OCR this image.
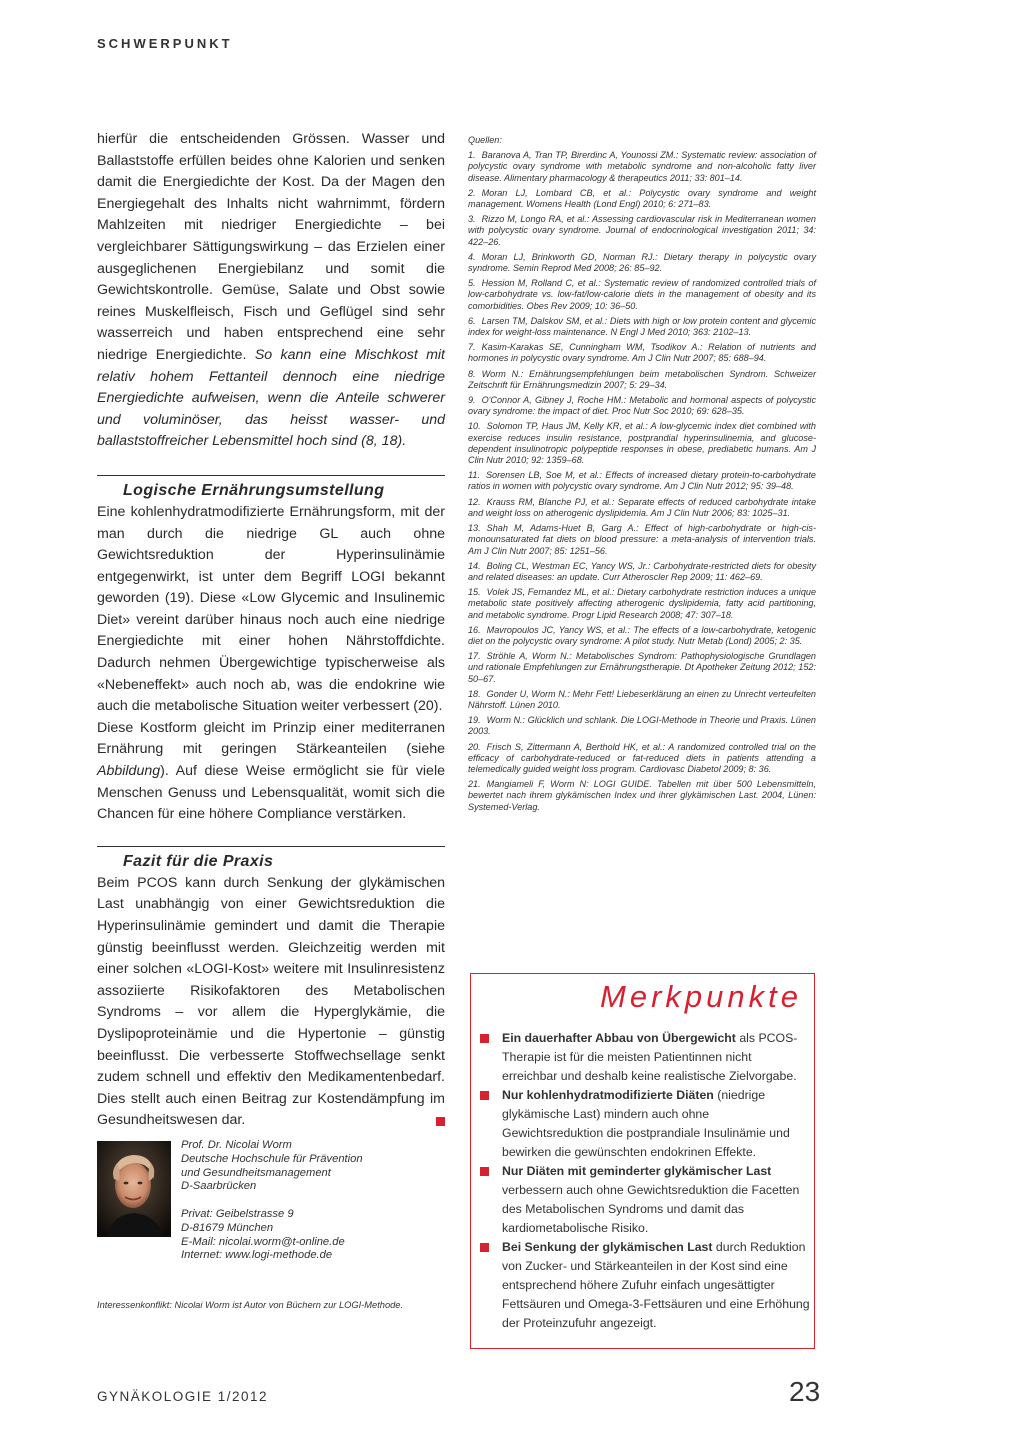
SCHWERPUNKT

hierfür die entscheidenden Grössen. Wasser und Ballaststoffe erfüllen beides ohne Kalorien und senken damit die Energiedichte der Kost. Da der Magen den Energiegehalt des Inhalts nicht wahrnimmt, fördern Mahlzeiten mit niedriger Energiedichte – bei vergleichbarer Sättigungswirkung – das Erzielen einer ausgeglichenen Energiebilanz und somit die Gewichtskontrolle. Gemüse, Salate und Obst sowie reines Muskelfleisch, Fisch und Geflügel sind sehr wasserreich und haben entsprechend eine sehr niedrige Energiedichte. So kann eine Mischkost mit relativ hohem Fettanteil dennoch eine niedrige Energiedichte aufweisen, wenn die Anteile schwerer und voluminöser, das heisst wasser- und ballaststoffreicher Lebensmittel hoch sind (8, 18).

Logische Ernährungsumstellung

Eine kohlenhydratmodifizierte Ernährungsform, mit der man durch die niedrige GL auch ohne Gewichtsreduktion der Hyperinsulinämie entgegenwirkt, ist unter dem Begriff LOGI bekannt geworden (19). Diese «Low Glycemic and Insulinemic Diet» vereint darüber hinaus noch auch eine niedrige Energiedichte mit einer hohen Nährstoffdichte. Dadurch nehmen Übergewichtige typischerweise als «Nebeneffekt» auch noch ab, was die endokrine wie auch die metabolische Situation weiter verbessert (20).

Diese Kostform gleicht im Prinzip einer mediterranen Ernährung mit geringen Stärkeanteilen (siehe Abbildung). Auf diese Weise ermöglicht sie für viele Menschen Genuss und Lebensqualität, womit sich die Chancen für eine höhere Compliance verstärken.

Fazit für die Praxis

Beim PCOS kann durch Senkung der glykämischen Last unabhängig von einer Gewichtsreduktion die Hyperinsulinämie gemindert und damit die Therapie günstig beeinflusst werden. Gleichzeitig werden mit einer solchen «LOGI-Kost» weitere mit Insulinresistenz assoziierte Risikofaktoren des Metabolischen Syndroms – vor allem die Hyperglykämie, die Dyslipoproteinämie und die Hypertonie – günstig beeinflusst. Die verbesserte Stoffwechsellage senkt zudem schnell und effektiv den Medikamentenbedarf. Dies stellt auch einen Beitrag zur Kostendämpfung im Gesundheitswesen dar.

Prof. Dr. Nicolai Worm
Deutsche Hochschule für Prävention
und Gesundheitsmanagement
D-Saarbrücken
Privat: Geibelstrasse 9
D-81679 München
E-Mail: nicolai.worm@t-online.de
Internet: www.logi-methode.de
Interessenkonflikt: Nicolai Worm ist Autor von Büchern zur LOGI-Methode.
Quellen:
1. Baranova A, Tran TP, Birerdinc A, Younossi ZM.: Systematic review: association of polycystic ovary syndrome with metabolic syndrome and non-alcoholic fatty liver disease. Alimentary pharmacology & therapeutics 2011; 33: 801–14.
2. Moran LJ, Lombard CB, et al.: Polycystic ovary syndrome and weight management. Womens Health (Lond Engl) 2010; 6: 271–83.
3. Rizzo M, Longo RA, et al.: Assessing cardiovascular risk in Mediterranean women with polycystic ovary syndrome. Journal of endocrinological investigation 2011; 34: 422–26.
4. Moran LJ, Brinkworth GD, Norman RJ.: Dietary therapy in polycystic ovary syndrome. Semin Reprod Med 2008; 26: 85–92.
5. Hession M, Rolland C, et al.: Systematic review of randomized controlled trials of low-carbohydrate vs. low-fat/low-calorie diets in the management of obesity and its comorbidities. Obes Rev 2009; 10: 36–50.
6. Larsen TM, Dalskov SM, et al.: Diets with high or low protein content and glycemic index for weight-loss maintenance. N Engl J Med 2010; 363: 2102–13.
7. Kasim-Karakas SE, Cunningham WM, Tsodikov A.: Relation of nutrients and hormones in polycystic ovary syndrome. Am J Clin Nutr 2007; 85: 688–94.
8. Worm N.: Ernährungsempfehlungen beim metabolischen Syndrom. Schweizer Zeitschrift für Ernährungsmedizin 2007; 5: 29–34.
9. O'Connor A, Gibney J, Roche HM.: Metabolic and hormonal aspects of polycystic ovary syndrome: the impact of diet. Proc Nutr Soc 2010; 69: 628–35.
10. Solomon TP, Haus JM, Kelly KR, et al.: A low-glycemic index diet combined with exercise reduces insulin resistance, postprandial hyperinsulinemia, and glucose-dependent insulinotropic polypeptide responses in obese, prediabetic humans. Am J Clin Nutr 2010; 92: 1359–68.
11. Sorensen LB, Soe M, et al.: Effects of increased dietary protein-to-carbohydrate ratios in women with polycystic ovary syndrome. Am J Clin Nutr 2012; 95: 39–48.
12. Krauss RM, Blanche PJ, et al.: Separate effects of reduced carbohydrate intake and weight loss on atherogenic dyslipidemia. Am J Clin Nutr 2006; 83: 1025–31.
13. Shah M, Adams-Huet B, Garg A.: Effect of high-carbohydrate or high-cis-monounsaturated fat diets on blood pressure: a meta-analysis of intervention trials. Am J Clin Nutr 2007; 85: 1251–56.
14. Boling CL, Westman EC, Yancy WS, Jr.: Carbohydrate-restricted diets for obesity and related diseases: an update. Curr Atheroscler Rep 2009; 11: 462–69.
15. Volek JS, Fernandez ML, et al.: Dietary carbohydrate restriction induces a unique metabolic state positively affecting atherogenic dyslipidemia, fatty acid partitioning, and metabolic syndrome. Progr Lipid Research 2008; 47: 307–18.
16. Mavropoulos JC, Yancy WS, et al.: The effects of a low-carbohydrate, ketogenic diet on the polycystic ovary syndrome: A pilot study. Nutr Metab (Lond) 2005; 2: 35.
17. Ströhle A, Worm N.: Metabolisches Syndrom: Pathophysiologische Grundlagen und rationale Empfehlungen zur Ernährungstherapie. Dt Apotheker Zeitung 2012; 152: 50–67.
18. Gonder U, Worm N.: Mehr Fett! Liebeserklärung an einen zu Unrecht verteufelten Nährstoff. Lünen 2010.
19. Worm N.: Glücklich und schlank. Die LOGI-Methode in Theorie und Praxis. Lünen 2003.
20. Frisch S, Zittermann A, Berthold HK, et al.: A randomized controlled trial on the efficacy of carbohydrate-reduced or fat-reduced diets in patients attending a telemedically guided weight loss program. Cardiovasc Diabetol 2009; 8: 36.
21. Mangiameli F, Worm N: LOGI GUIDE. Tabellen mit über 500 Lebensmitteln, bewertet nach ihrem glykämischen Index und ihrer glykämischen Last. 2004, Lünen: Systemed-Verlag.
Merkpunkte
Ein dauerhafter Abbau von Übergewicht als PCOS-Therapie ist für die meisten Patientinnen nicht erreichbar und deshalb keine realistische Zielvorgabe.
Nur kohlenhydratmodifizierte Diäten (niedrige glykämische Last) mindern auch ohne Gewichtsreduktion die postprandiale Insulinämie und bewirken die gewünschten endokrinen Effekte.
Nur Diäten mit geminderter glykämischer Last verbessern auch ohne Gewichtsreduktion die Facetten des Metabolischen Syndroms und damit das kardiometabolische Risiko.
Bei Senkung der glykämischen Last durch Reduktion von Zucker- und Stärkeanteilen in der Kost sind eine entsprechend höhere Zufuhr einfach ungesättigter Fettsäuren und Omega-3-Fettsäuren und eine Erhöhung der Proteinzufuhr angezeigt.
GYNÄKOLOGIE 1/2012	23
